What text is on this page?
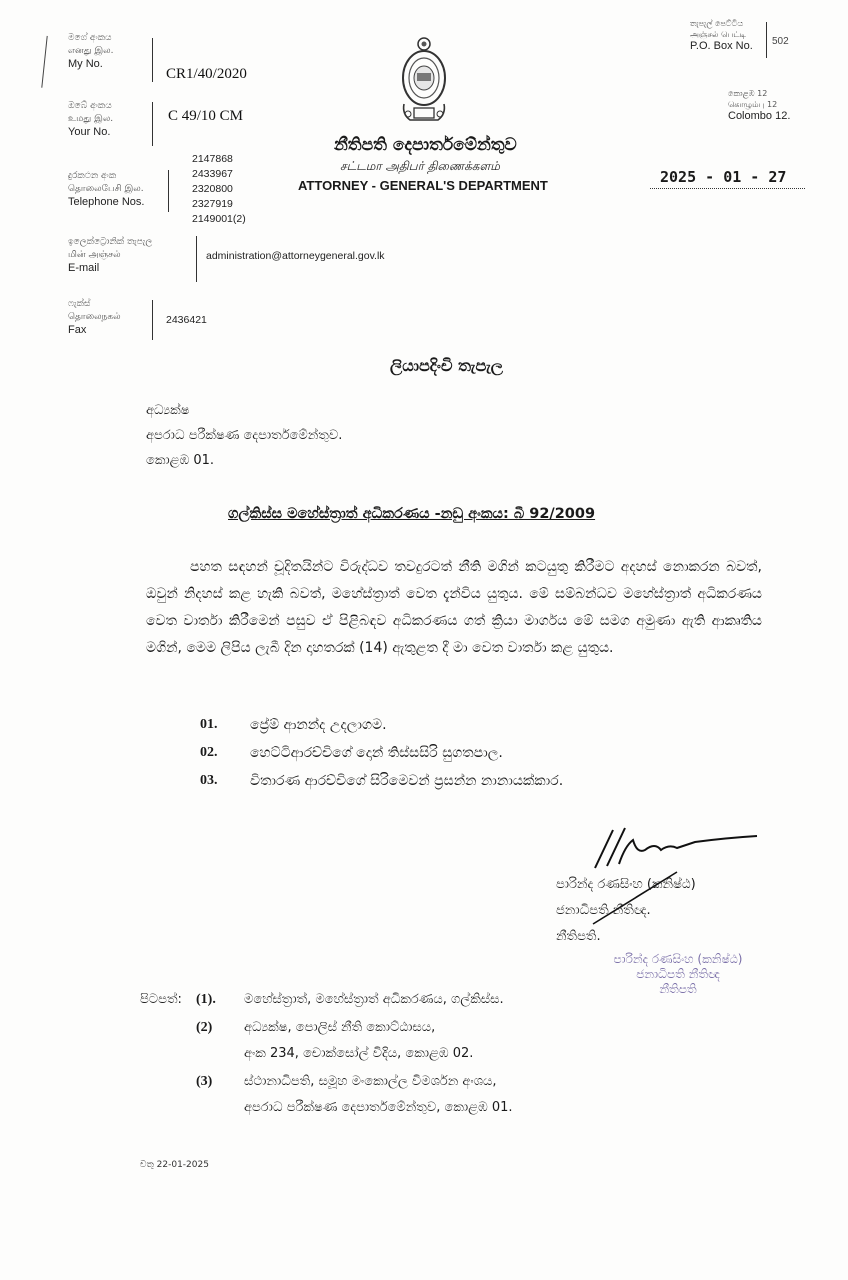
මගේ අංකය
எனது இல.
My No.
CR1/40/2020
ඔබේ අංකය
உமது இல.
Your No.
C 49/10 CM
දුරකථන අංක
தொலைபேசி இல.
Telephone Nos.
2147868
2433967
2320800
2327919
2149001(2)
ඉලෙක්ට්‍රොනික් තැපැල
மின் அஞ்சல்
E-mail
administration@attorneygeneral.gov.lk
ෆැක්ස්
தொலைநகல்
Fax
2436421
නීතිපති දෙපාර්තමේන්තුව
சட்டமா அதிபர் திணைக்களம்
ATTORNEY - GENERAL'S DEPARTMENT
තැපැල් පෙට්ටිය
அஞ்சல் பெட்டி
P.O. Box No. 502
කොළඹ 12
கொழும்பு 12
Colombo 12.
2025 - 01 - 27
ලියාපදිංචි තැපැල
අධ්‍යක්ෂ
අපරාධ පරීක්ෂණ දෙපාර්තමේන්තුව.
කොළඹ 01.
ගල්කිස්ස මහේස්ත්‍රාත් අධිකරණය -නඩු අංකය: බී 92/2009
පහත සඳහන් චූදිතයින්ට විරුද්ධව තවදුරටත් නීති මගින් කටයුතු කිරීමට අදහස් නොකරන බවත්, ඔවුන් නිදහස් කළ හැකි බවත්, මහේස්ත්‍රාත් වෙත දැන්විය යුතුය. මේ සම්බන්ධව මහේස්ත්‍රාත් අධිකරණය වෙත වාර්තා කිරීමෙන් පසුව ඒ පිළිබඳව අධිකරණය ගත් ක්‍රියා මාර්ගය මේ සමග අමුණා ඇති ආකෘතිය මගින්, මෙම ලිපිය ලැබී දින දාහතරක් (14) ඇතුළත දී මා වෙත වාර්තා කළ යුතුය.
01. ප්‍රේම් ආනන්ද උදලාගම.
02. හෙට්ටිආරච්චිගේ දොන් තිස්සසිරි සුගතපාල.
03. විතාරණ ආරච්චිගේ සිරිමෙවන් ප්‍රසන්න නානායක්කාර.
පාරින්ද රණසිංහ (කනිෂ්ඨ)
ජනාධිපති නීතිඥ.
නීතිපති.
පාරින්ද රණසිංහ (කනිෂ්ඨ)
ජනාධිපති නීතිඥ
නීතිපති
පිටපත්: (1). මහේස්ත්‍රාත්, මහේස්ත්‍රාත් අධිකරණය, ගල්කිස්ස.
(2) අධ්‍යක්ෂ, පොලිස් නීති කොට්ඨාසය,
අංක 234, චොක්සෝල් විදිය, කොළඹ 02.
(3) ස්ථානාධිපති, සමූහ මංකොල්ල විමර්ශන අංශය,
අපරාධ පරීක්ෂණ දෙපාර්තමේන්තුව, කොළඹ 01.
චතු 22-01-2025
